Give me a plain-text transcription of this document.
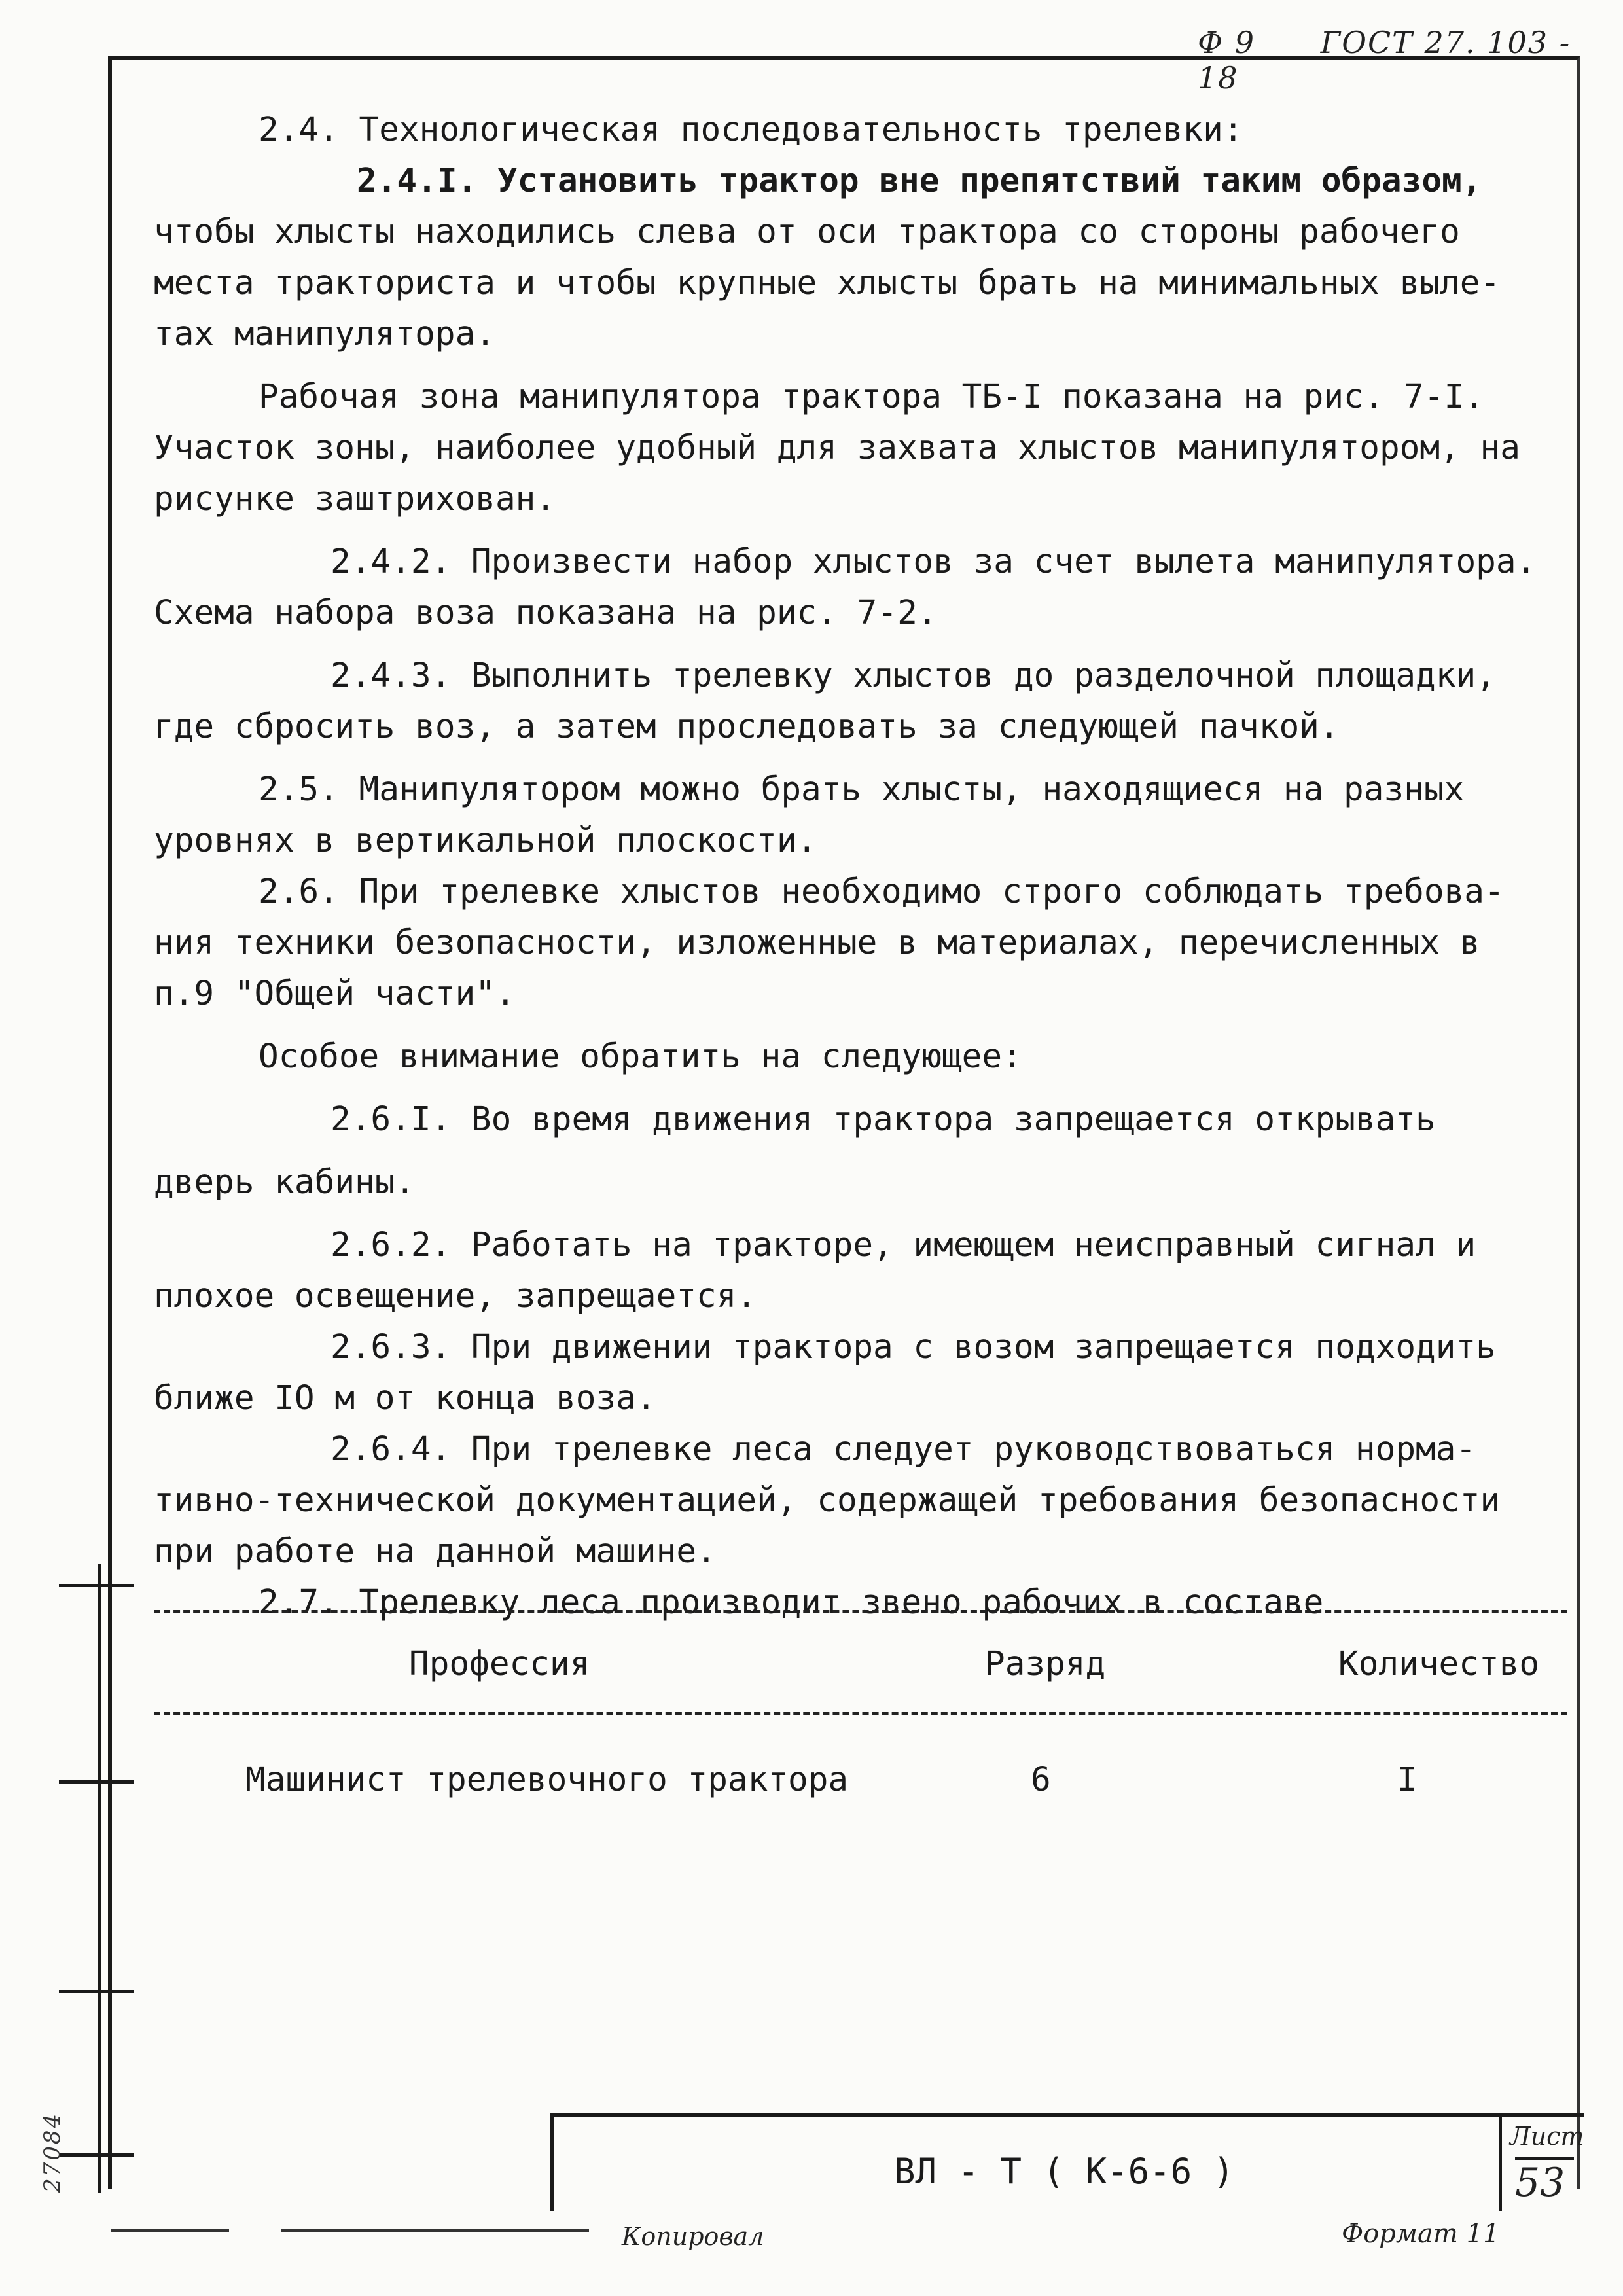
Ф 9 ГОСТ 27. 103 - 18
2.4. Технологическая последовательность трелевки:
2.4.I. Установить трактор вне препятствий таким образом,
чтобы хлысты находились слева от оси трактора со стороны рабочего
места тракториста и чтобы крупные хлысты брать на минимальных выле-
тах манипулятора.
Рабочая зона манипулятора трактора ТБ-I показана на рис. 7-I.
Участок зоны, наиболее удобный для захвата хлыстов манипулятором, на
рисунке заштрихован.
2.4.2. Произвести набор хлыстов за счет вылета манипулятора.
Схема набора воза показана на рис. 7-2.
2.4.3. Выполнить трелевку хлыстов до разделочной площадки,
где сбросить воз, а затем проследовать за следующей пачкой.
2.5. Манипулятором можно брать хлысты, находящиеся на разных
уровнях в вертикальной плоскости.
2.6. При трелевке хлыстов необходимо строго соблюдать требова-
ния техники безопасности, изложенные в материалах, перечисленных в
п.9 "Общей части".
Особое внимание обратить на следующее:
2.6.I. Во время движения трактора запрещается открывать
дверь кабины.
2.6.2. Работать на тракторе, имеющем неисправный сигнал и
плохое освещение, запрещается.
2.6.3. При движении трактора с возом запрещается подходить
ближе IO м от конца воза.
2.6.4. При трелевке леса следует руководствоваться норма-
тивно-технической документацией, содержащей требования безопасности
при работе на данной машине.
2.7. Трелевку леса производит звено рабочих в составе
Профессия	Разряд	Количество
Машинист трелевочного трактора	6	I
ВЛ - Т ( К-6-6 )
Лист
53
27084
Копировал	Формат 11
